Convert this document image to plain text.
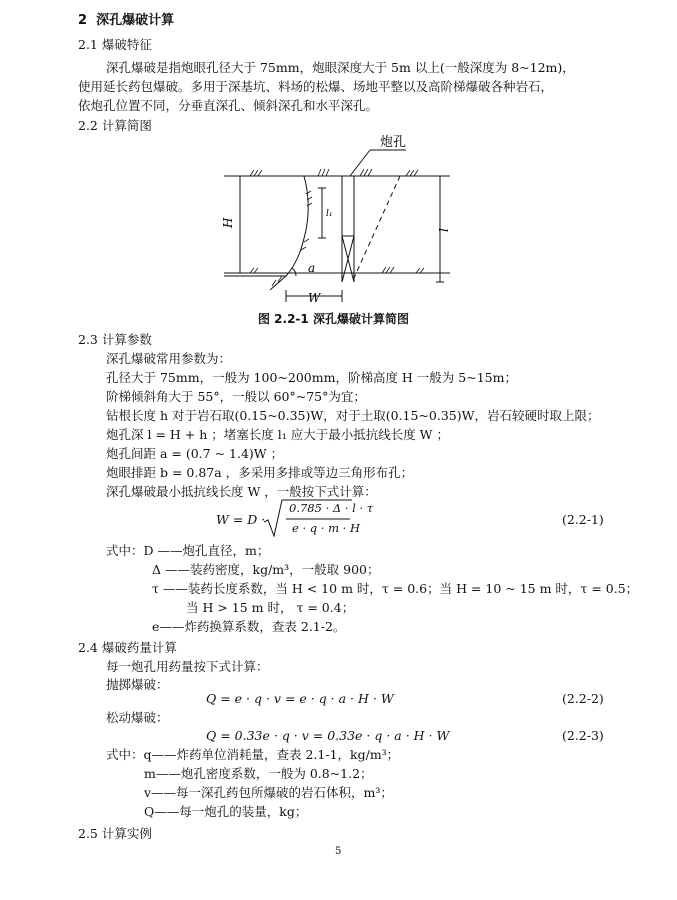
2 深孔爆破计算
2.1 爆破特征
深孔爆破是指炮眼孔径大于 75mm，炮眼深度大于 5m 以上(一般深度为 8~12m)，
使用延长药包爆破。多用于深基坑、料场的松爆、场地平整以及高阶梯爆破各种岩石，
依炮孔位置不同，分垂直深孔、倾斜深孔和水平深孔。
2.2 计算简图
炮孔
H
l
l₁
a
W
图 2.2-1 深孔爆破计算简图
2.3 计算参数
深孔爆破常用参数为：
孔径大于 75mm，一般为 100~200mm，阶梯高度 H 一般为 5~15m；
阶梯倾斜角大于 55°，一般以 60°~75°为宜；
钻根长度 h 对于岩石取(0.15~0.35)W，对于土取(0.15~0.35)W，岩石较硬时取上限；
炮孔深 l = H + h ；堵塞长度 l₁ 应大于最小抵抗线长度 W ；
炮孔间距 a = (0.7 ~ 1.4)W ；
炮眼排距 b = 0.87a ，多采用多排或等边三角形布孔；
深孔爆破最小抵抗线长度 W ，一般按下式计算：
W = D ·
0.785 · Δ · l · τ
e · q · m · H
(2.2-1)
式中：D ——炮孔直径，m；
Δ ——装药密度，kg/m³，一般取 900；
τ ——装药长度系数，当 H < 10 m 时，τ = 0.6；当 H = 10 ~ 15 m 时，τ = 0.5；
当 H > 15 m 时， τ = 0.4；
e——炸药换算系数，查表 2.1-2。
2.4 爆破药量计算
每一炮孔用药量按下式计算：
抛掷爆破：
Q = e · q · v = e · q · a · H · W	(2.2-2)
松动爆破：
Q = 0.33e · q · v = 0.33e · q · a · H · W	(2.2-3)
式中：q——炸药单位消耗量，查表 2.1-1，kg/m³；
m——炮孔密度系数，一般为 0.8~1.2；
v——每一深孔药包所爆破的岩石体积，m³；
Q——每一炮孔的装量，kg；
2.5 计算实例
5
